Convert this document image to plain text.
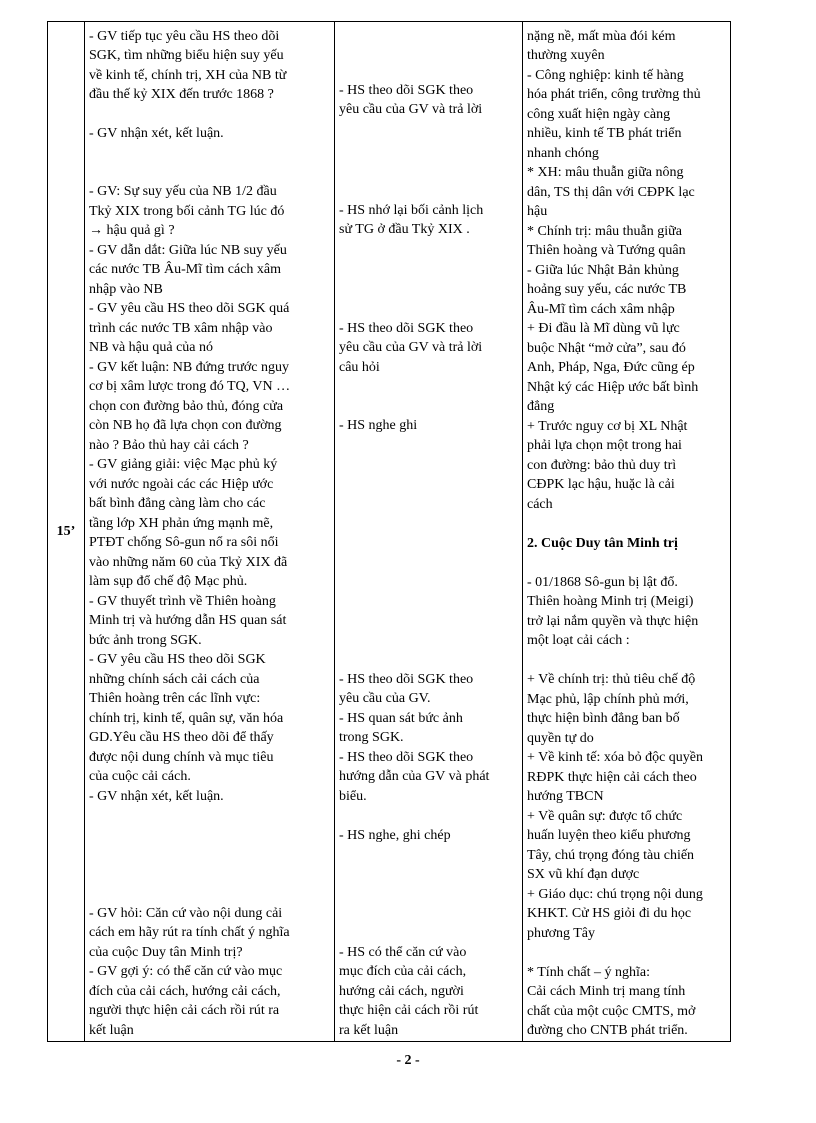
15’

- GV tiếp tục yêu cầu HS theo dõi
SGK, tìm những biểu hiện suy yếu
về kinh tế, chính trị, XH của NB từ
đầu thế kỷ XIX đến trước 1868 ?
- GV nhận xét, kết luận.
- GV: Sự suy yếu của NB 1/2 đầu
Tkỷ XIX trong bối cảnh TG lúc đó
→ hậu quả gì ?
- GV dẫn dắt: Giữa lúc NB suy yếu
các nước TB Âu-Mĩ tìm cách xâm
nhập vào NB
- GV yêu cầu HS theo dõi SGK quá
trình các nước TB xâm nhập vào
NB và hậu quả của nó
- GV kết luận: NB đứng trước nguy
cơ bị xâm lược trong đó TQ, VN …
chọn con đường bảo thủ, đóng cửa
còn NB họ đã lựa chọn con đường
nào ? Bảo thủ hay cải cách ?
- GV giảng giải: việc Mạc phủ ký
với nước ngoài các các Hiệp ước
bất bình đẳng càng làm cho các
tầng lớp XH phản ứng mạnh mẽ,
PTĐT chống Sô-gun nổ ra sôi nổi
vào những năm 60 của Tkỷ XIX đã
làm sụp đổ chế độ Mạc phủ.
- GV thuyết trình về Thiên hoàng
Minh trị và hướng dẫn HS quan sát
bức ảnh trong SGK.
- GV yêu cầu HS theo dõi SGK
những chính sách cải cách của
Thiên hoàng trên các lĩnh vực:
chính trị, kinh tế, quân sự, văn hóa
GD.Yêu cầu HS theo dõi để thấy
được nội dung chính và mục tiêu
của cuộc cải cách.
- GV nhận xét, kết luận.
- GV hỏi: Căn cứ vào nội dung cải
cách em hãy rút ra tính chất ý nghĩa
của cuộc Duy tân Minh trị?
- GV gợi ý: có thể căn cứ vào mục
đích của cải cách, hướng cải cách,
người thực hiện cải cách rồi rút ra
kết luận

- HS theo dõi SGK theo
yêu cầu của GV và trả lời
- HS nhớ lại bối cảnh lịch
sử TG ở đầu Tkỷ XIX .
- HS theo dõi SGK theo
yêu cầu của GV và trả lời
câu hỏi
- HS nghe ghi
- HS theo dõi SGK theo
yêu cầu của GV.
- HS quan sát bức ảnh
trong SGK.
- HS theo dõi SGK theo
hướng dẫn của GV và phát
biểu.
- HS nghe, ghi chép
- HS có thể căn cứ vào
mục đích của cải cách,
hướng cải cách, người
thực hiện cải cách rồi rút
ra kết luận

nặng nề, mất mùa đói kém
thường xuyên
- Công nghiệp: kinh tế hàng
hóa phát triển, công trường thủ
công xuất hiện ngày càng
nhiều, kinh tế TB phát triển
nhanh chóng
* XH: mâu thuẫn giữa nông
dân, TS thị dân với CĐPK lạc
hậu
* Chính trị: mâu thuẫn giữa
Thiên hoàng và Tướng quân
- Giữa lúc Nhật Bản khủng
hoảng suy yếu, các nước TB
Âu-Mĩ tìm cách xâm nhập
+ Đi đầu là Mĩ dùng vũ lực
buộc Nhật “mở cửa”, sau đó
Anh, Pháp, Nga, Đức cũng ép
Nhật ký các Hiệp ước bất bình
đẳng
+ Trước nguy cơ bị XL Nhật
phải lựa chọn một trong hai
con đường: bảo thủ duy trì
CĐPK lạc hậu, huặc là cải
cách
2. Cuộc Duy tân Minh trị
- 01/1868 Sô-gun bị lật đổ.
Thiên hoàng Minh trị (Meigi)
trở lại nắm quyền và thực hiện
một loạt cải cách :
+ Về chính trị: thủ tiêu chế độ
Mạc phủ, lập chính phủ mới,
thực hiện bình đẳng ban bố
quyền tự do
+ Về kinh tế: xóa bỏ độc quyền
RĐPK thực hiện cải cách theo
hướng TBCN
+ Về quân sự: được tổ chức
huấn luyện theo kiểu phương
Tây, chú trọng đóng tàu chiến
SX vũ khí đạn dược
+ Giáo dục: chú trọng nội dung
KHKT. Cử HS giỏi đi du học
phương Tây
* Tính chất – ý nghĩa:
Cải cách Minh trị mang tính
chất của một cuộc CMTS, mở
đường cho CNTB phát triển.
- 2 -
